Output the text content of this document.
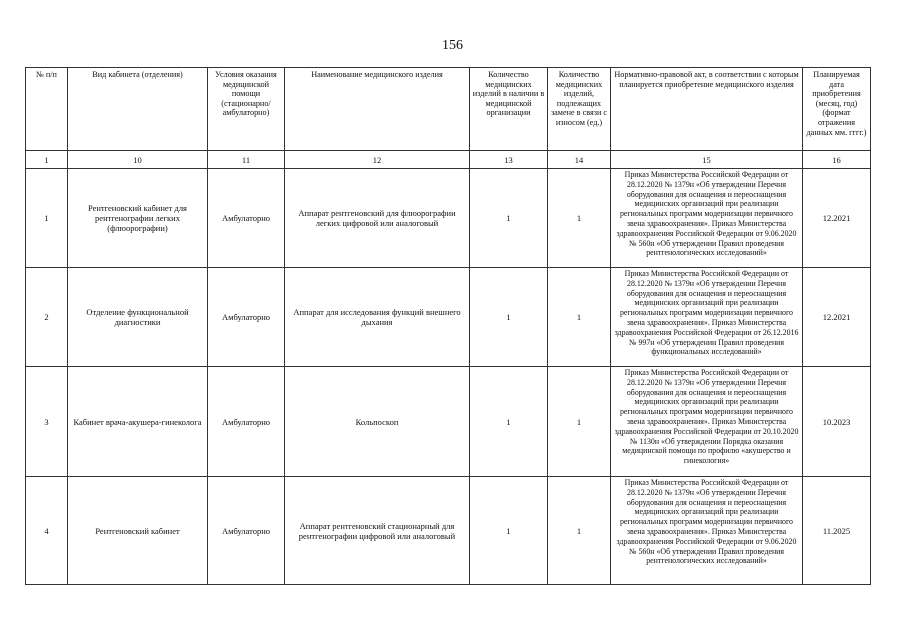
156
№ п/п	Вид кабинета (отделения)	Условия оказания медицинской помощи (стационарно/ амбулаторно)	Наименование медицинского изделия	Количество медицинских изделий в наличии в медицинской организации	Количество медицинских изделий, подлежащих замене в связи с износом (ед.)	Нормативно-правовой акт, в соответствии с которым планируется приобретение медицинского изделия	Планируемая дата приобретения (месяц, год) (формат отражения данных мм. гггг.)
1	10	11	12	13	14	15	16
1	Рентгеновский кабинет для рентгенографии легких (флюорографии)	Амбулаторно	Аппарат рентгеновский для флюорографии легких цифровой или аналоговый	1	1	Приказ Министерства Российской Федерации от 28.12.2020 № 1379н «Об утверждении Перечня оборудования для оснащения и переоснащения медицинских организаций при реализации региональных программ модернизации первичного звена здравоохранения». Приказ Министерства здравоохранения Российской Федерации от 9.06.2020 № 560н «Об утверждении Правил проведения рентгенологических исследований»	12.2021
2	Отделение функциональной диагностики	Амбулаторно	Аппарат для исследования функций внешнего дыхания	1	1	Приказ Министерства Российской Федерации от 28.12.2020 № 1379н «Об утверждении Перечня оборудования для оснащения и переоснащения медицинских организаций при реализации региональных программ модернизации первичного звена здравоохранения». Приказ Министерства здравоохранения Российской Федерации от 26.12.2016 № 997н «Об утверждении Правил проведения функциональных исследований»	12.2021
3	Кабинет врача-акушера-гинеколога	Амбулаторно	Кольпоскоп	1	1	Приказ Министерства Российской Федерации от 28.12.2020 № 1379н «Об утверждении Перечня оборудования для оснащения и переоснащения медицинских организаций при реализации региональных программ модернизации первичного звена здравоохранения». Приказ Министерства здравоохранения Российской Федерации от 20.10.2020 № 1130н «Об утверждении Порядка оказания медицинской помощи по профилю «акушерство и гинекология»	10.2023
4	Рентгеновский кабинет	Амбулаторно	Аппарат рентгеновский стационарный для рентгенографии цифровой или аналоговый	1	1	Приказ Министерства Российской Федерации от 28.12.2020 № 1379н «Об утверждении Перечня оборудования для оснащения и переоснащения медицинских организаций при реализации региональных программ модернизации первичного звена здравоохранения». Приказ Министерства здравоохранения Российской Федерации от 9.06.2020 № 560н «Об утверждении Правил проведения рентгенологических исследований»	11.2025
